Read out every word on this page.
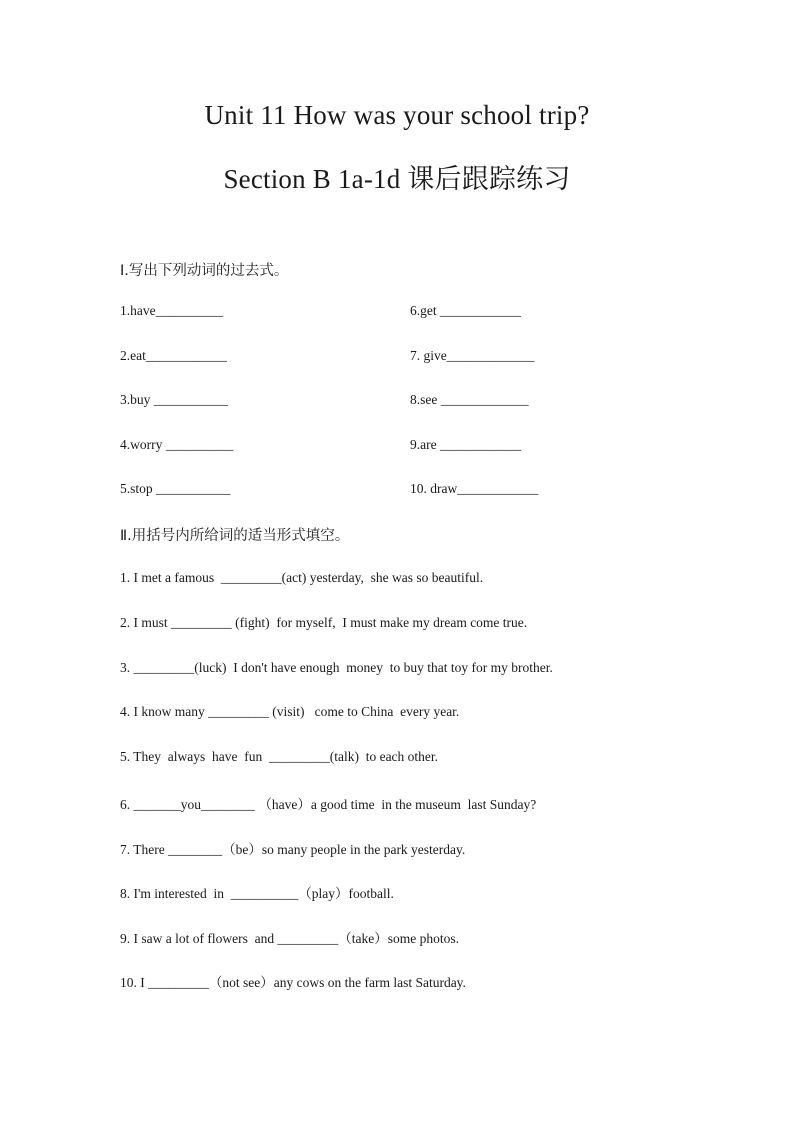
Unit 11 How was your school trip?
Section B 1a-1d 课后跟踪练习
Ⅰ.写出下列动词的过去式。
1.have__________
2.eat____________
3.buy ___________
4.worry __________
5.stop ___________
6.get ____________
7. give_____________
8.see _____________
9.are ____________
10. draw____________
Ⅱ.用括号内所给词的适当形式填空。
1. I met a famous  _________(act) yesterday,  she was so beautiful.
2. I must _________ (fight)  for myself,  I must make my dream come true.
3. _________(luck)  I don't have enough  money  to buy that toy for my brother.
4. I know many _________ (visit)   come to China  every year.
5. They  always  have  fun  _________(talk)  to each other.
6. _______you________ （have）a good time  in the museum  last Sunday?
7. There ________（be）so many people in the park yesterday.
8. I'm interested  in  __________（play）football.
9. I saw a lot of flowers  and _________（take）some photos.
10. I _________（not see）any cows on the farm last Saturday.
